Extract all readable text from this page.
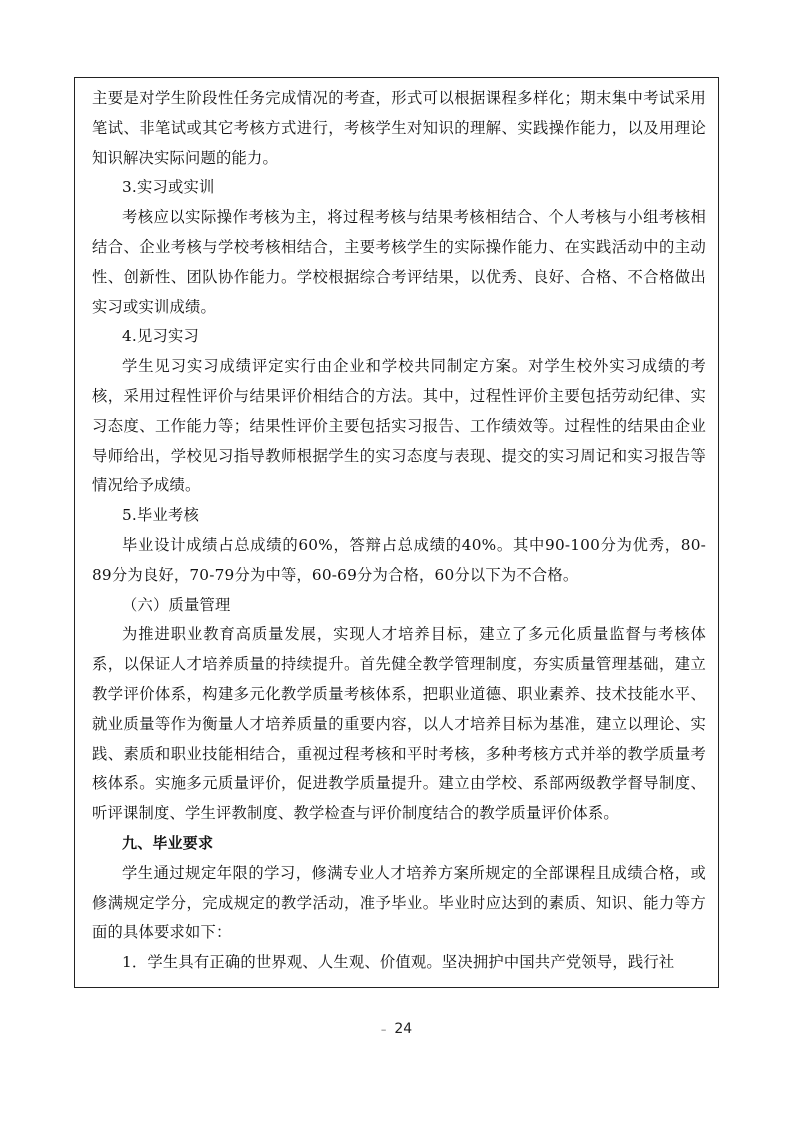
主要是对学生阶段性任务完成情况的考查，形式可以根据课程多样化；期末集中考试采用笔试、非笔试或其它考核方式进行，考核学生对知识的理解、实践操作能力，以及用理论知识解决实际问题的能力。

3.实习或实训

考核应以实际操作考核为主，将过程考核与结果考核相结合、个人考核与小组考核相结合、企业考核与学校考核相结合，主要考核学生的实际操作能力、在实践活动中的主动性、创新性、团队协作能力。学校根据综合考评结果，以优秀、良好、合格、不合格做出实习或实训成绩。

4.见习实习

学生见习实习成绩评定实行由企业和学校共同制定方案。对学生校外实习成绩的考核，采用过程性评价与结果评价相结合的方法。其中，过程性评价主要包括劳动纪律、实习态度、工作能力等；结果性评价主要包括实习报告、工作绩效等。过程性的结果由企业导师给出，学校见习指导教师根据学生的实习态度与表现、提交的实习周记和实习报告等情况给予成绩。

5.毕业考核

毕业设计成绩占总成绩的60%，答辩占总成绩的40%。其中90-100分为优秀，80-89分为良好，70-79分为中等，60-69分为合格，60分以下为不合格。

（六）质量管理

为推进职业教育高质量发展，实现人才培养目标，建立了多元化质量监督与考核体系，以保证人才培养质量的持续提升。首先健全教学管理制度，夯实质量管理基础，建立教学评价体系，构建多元化教学质量考核体系，把职业道德、职业素养、技术技能水平、就业质量等作为衡量人才培养质量的重要内容，以人才培养目标为基准，建立以理论、实践、素质和职业技能相结合，重视过程考核和平时考核，多种考核方式并举的教学质量考核体系。实施多元质量评价，促进教学质量提升。建立由学校、系部两级教学督导制度、听评课制度、学生评教制度、教学检查与评价制度结合的教学质量评价体系。

九、毕业要求

学生通过规定年限的学习，修满专业人才培养方案所规定的全部课程且成绩合格，或修满规定学分，完成规定的教学活动，准予毕业。毕业时应达到的素质、知识、能力等方面的具体要求如下：

1．学生具有正确的世界观、人生观、价值观。坚决拥护中国共产党领导，践行社

– 24
